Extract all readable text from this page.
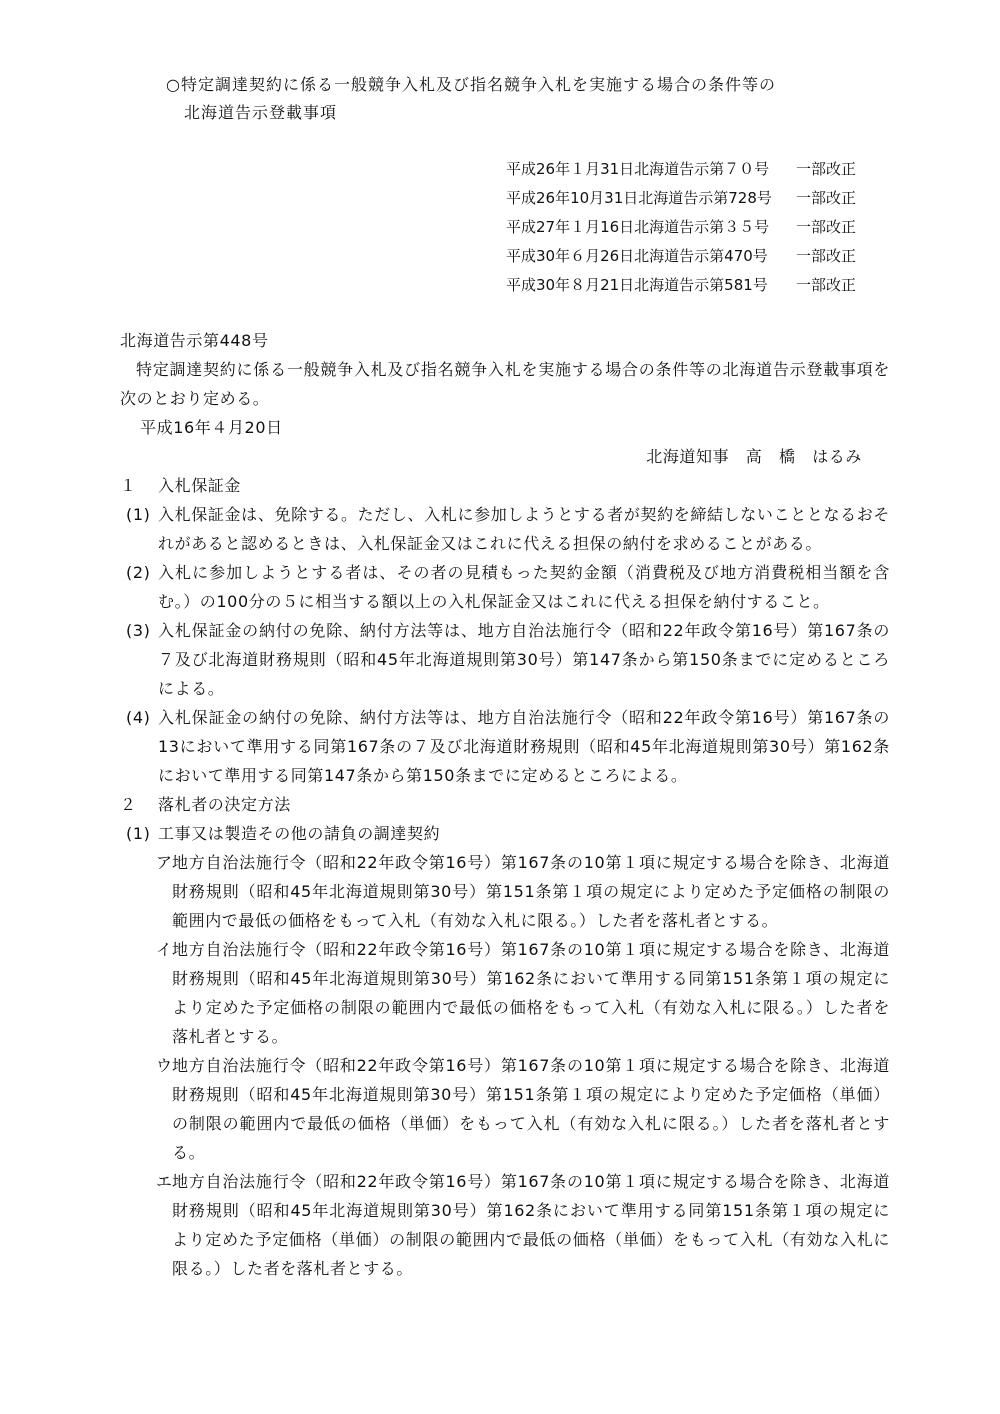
○特定調達契約に係る一般競争入札及び指名競争入札を実施する場合の条件等の
北海道告示登載事項
平成26年１月31日北海道告示第７０号 一部改正
平成26年10月31日北海道告示第728号 一部改正
平成27年１月16日北海道告示第３５号 一部改正
平成30年６月26日北海道告示第470号 一部改正
平成30年８月21日北海道告示第581号 一部改正
北海道告示第448号
特定調達契約に係る一般競争入札及び指名競争入札を実施する場合の条件等の北海道告示登載事項を次のとおり定める。
平成16年４月20日
北海道知事　高　橋　はるみ
１ 入札保証金
(1) 入札保証金は、免除する。ただし、入札に参加しようとする者が契約を締結しないこととなるおそれがあると認めるときは、入札保証金又はこれに代える担保の納付を求めることがある。
(2) 入札に参加しようとする者は、その者の見積もった契約金額（消費税及び地方消費税相当額を含む。）の100分の５に相当する額以上の入札保証金又はこれに代える担保を納付すること。
(3) 入札保証金の納付の免除、納付方法等は、地方自治法施行令（昭和22年政令第16号）第167条の７及び北海道財務規則（昭和45年北海道規則第30号）第147条から第150条までに定めるところによる。
(4) 入札保証金の納付の免除、納付方法等は、地方自治法施行令（昭和22年政令第16号）第167条の13において準用する同第167条の７及び北海道財務規則（昭和45年北海道規則第30号）第162条において準用する同第147条から第150条までに定めるところによる。
２ 落札者の決定方法
(1) 工事又は製造その他の請負の調達契約
ア 地方自治法施行令（昭和22年政令第16号）第167条の10第１項に規定する場合を除き、北海道財務規則（昭和45年北海道規則第30号）第151条第１項の規定により定めた予定価格の制限の範囲内で最低の価格をもって入札（有効な入札に限る。）した者を落札者とする。
イ 地方自治法施行令（昭和22年政令第16号）第167条の10第１項に規定する場合を除き、北海道財務規則（昭和45年北海道規則第30号）第162条において準用する同第151条第１項の規定により定めた予定価格の制限の範囲内で最低の価格をもって入札（有効な入札に限る。）した者を落札者とする。
ウ 地方自治法施行令（昭和22年政令第16号）第167条の10第１項に規定する場合を除き、北海道財務規則（昭和45年北海道規則第30号）第151条第１項の規定により定めた予定価格（単価）の制限の範囲内で最低の価格（単価）をもって入札（有効な入札に限る。）した者を落札者とする。
エ 地方自治法施行令（昭和22年政令第16号）第167条の10第１項に規定する場合を除き、北海道財務規則（昭和45年北海道規則第30号）第162条において準用する同第151条第１項の規定により定めた予定価格（単価）の制限の範囲内で最低の価格（単価）をもって入札（有効な入札に限る。）した者を落札者とする。
